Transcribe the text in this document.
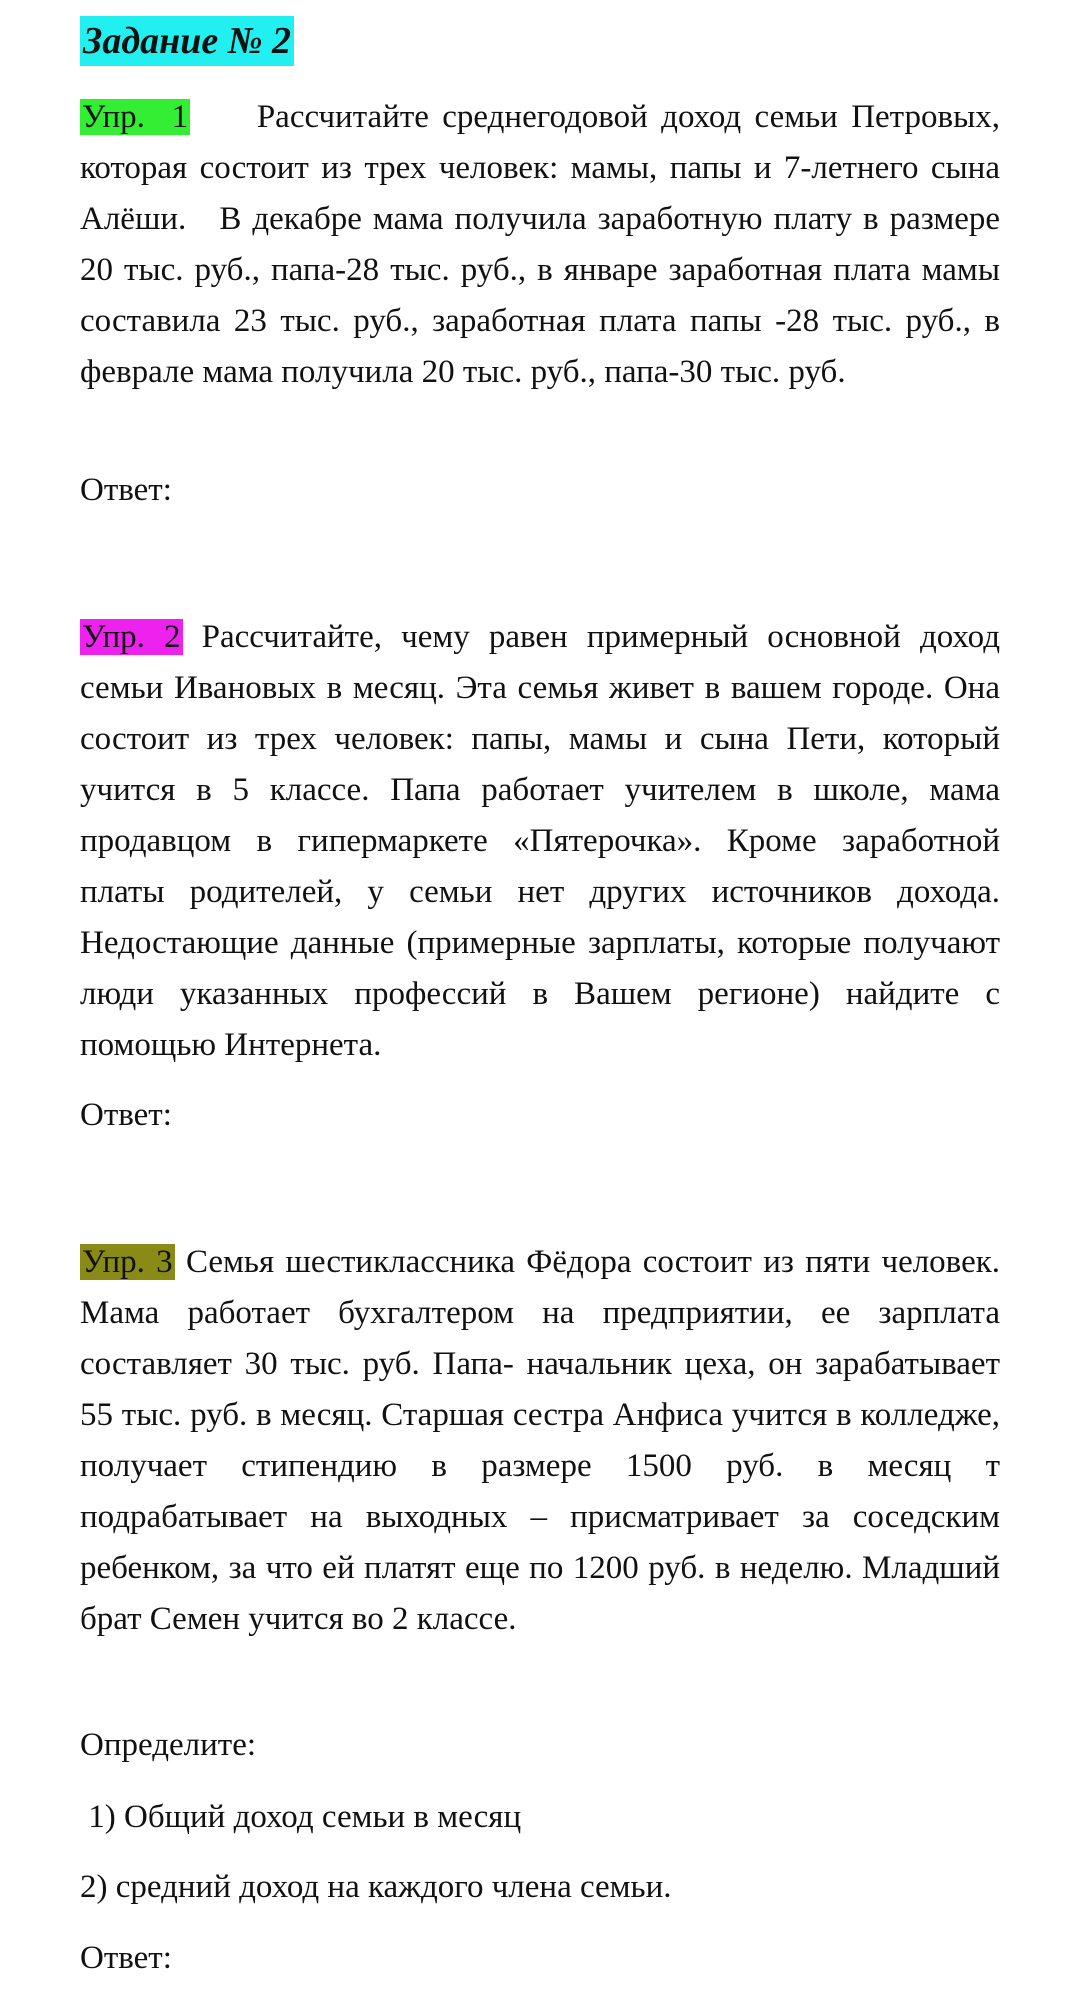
Задание № 2

Упр.  1     Рассчитайте среднегодовой доход семьи Петровых, которая состоит из трех человек: мамы, папы и 7-летнего сына Алёши.   В декабре мама получила заработную плату в размере 20 тыс. руб., папа-28 тыс. руб., в январе заработная плата мамы составила 23 тыс. руб., заработная плата папы -28 тыс. руб., в феврале мама получила 20 тыс. руб., папа-30 тыс. руб.

Ответ:

Упр. 2 Рассчитайте, чему равен примерный основной доход семьи Ивановых в месяц. Эта семья живет в вашем городе. Она состоит из трех человек: папы, мамы и сына Пети, который учится в 5 классе. Папа работает учителем в школе, мама продавцом в гипермаркете «Пятерочка». Кроме заработной платы родителей, у семьи нет других источников дохода. Недостающие данные (примерные зарплаты, которые получают люди указанных профессий в Вашем регионе) найдите с помощью Интернета.

Ответ:

Упр. 3 Семья шестиклассника Фёдора состоит из пяти человек. Мама работает бухгалтером на предприятии, ее зарплата составляет 30 тыс. руб. Папа- начальник цеха, он зарабатывает 55 тыс. руб. в месяц. Старшая сестра Анфиса учится в колледже, получает стипендию в размере 1500 руб. в месяц т подрабатывает на выходных – присматривает за соседским ребенком, за что ей платят еще по 1200 руб. в неделю. Младший брат Семен учится во 2 классе.

Определите:

1) Общий доход семьи в месяц

2) средний доход на каждого члена семьи.

Ответ:
